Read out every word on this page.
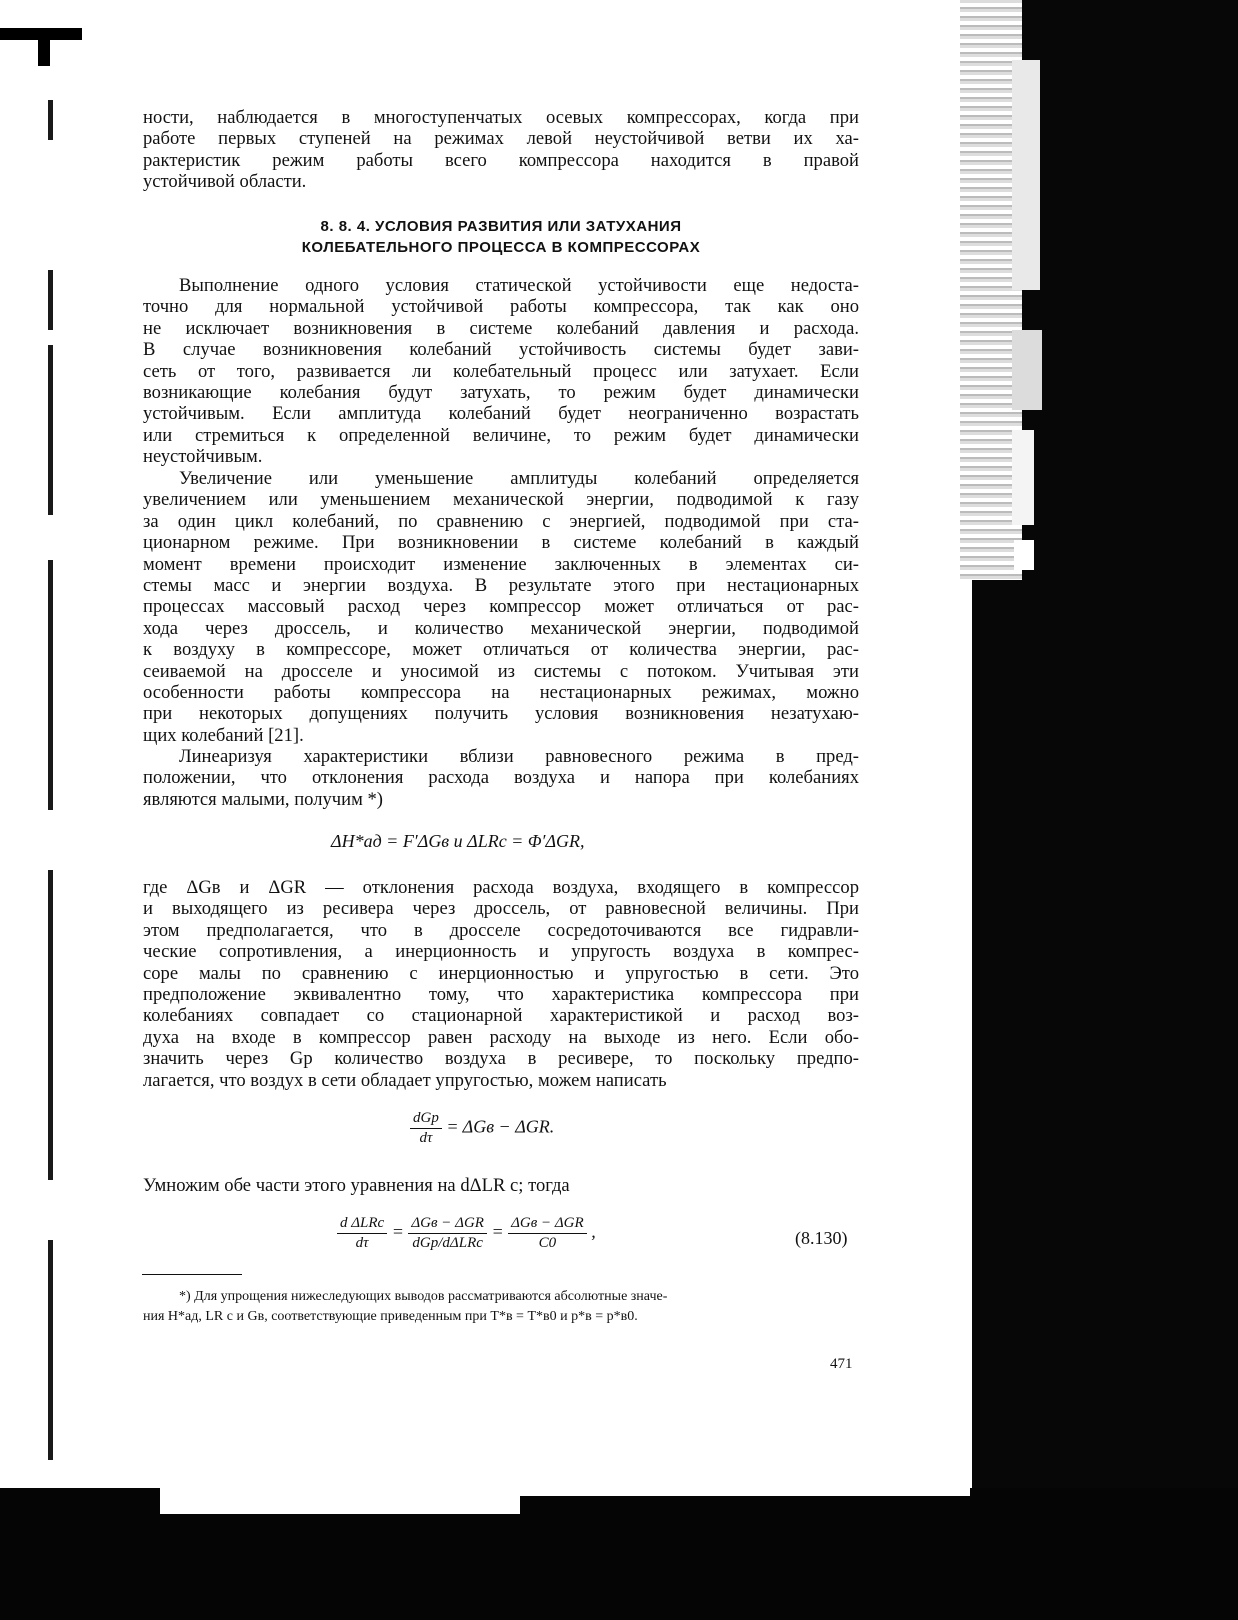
ности, наблюдается в многоступенчатых осевых компрессорах, когда при

работе первых ступеней на режимах левой неустойчивой ветви их ха-

рактеристик режим работы всего компрессора находится в правой

устойчивой области.

8. 8. 4. УСЛОВИЯ РАЗВИТИЯ ИЛИ ЗАТУХАНИЯ
КОЛЕБАТЕЛЬНОГО ПРОЦЕССА В КОМПРЕССОРАХ

Выполнение одного условия статической устойчивости еще недоста-

точно для нормальной устойчивой работы компрессора, так как оно

не исключает возникновения в системе колебаний давления и расхода.

В случае возникновения колебаний устойчивость системы будет зави-

сеть от того, развивается ли колебательный процесс или затухает. Если

возникающие колебания будут затухать, то режим будет динамически

устойчивым. Если амплитуда колебаний будет неограниченно возрастать

или стремиться к определенной величине, то режим будет динамически

неустойчивым.

Увеличение или уменьшение амплитуды колебаний определяется

увеличением или уменьшением механической энергии, подводимой к газу

за один цикл колебаний, по сравнению с энергией, подводимой при ста-

ционарном режиме. При возникновении в системе колебаний в каждый

момент времени происходит изменение заключенных в элементах си-

стемы масс и энергии воздуха. В результате этого при нестационарных

процессах массовый расход через компрессор может отличаться от рас-

хода через дроссель, и количество механической энергии, подводимой

к воздуху в компрессоре, может отличаться от количества энергии, рас-

сеиваемой на дросселе и уносимой из системы с потоком. Учитывая эти

особенности работы компрессора на нестационарных режимах, можно

при некоторых допущениях получить условия возникновения незатухаю-

щих колебаний [21].

Линеаризуя характеристики вблизи равновесного режима в пред-

положении, что отклонения расхода воздуха и напора при колебаниях

являются малыми, получим *)

ΔH*ад = F′ΔGв и ΔLRс = Φ′ΔGR,

где ΔGв и ΔGR — отклонения расхода воздуха, входящего в компрессор

и выходящего из ресивера через дроссель, от равновесной величины. При

этом предполагается, что в дросселе сосредоточиваются все гидравли-

ческие сопротивления, а инерционность и упругость воздуха в компрес-

соре малы по сравнению с инерционностью и упругостью в сети. Это

предположение эквивалентно тому, что характеристика компрессора при

колебаниях совпадает со стационарной характеристикой и расход воз-

духа на входе в компрессор равен расходу на выходе из него. Если обо-

значить через Gр количество воздуха в ресивере, то поскольку предпо-

лагается, что воздух в сети обладает упругостью, можем написать

$\frac{\text{dGр}}{d\tau} = \Delta Gв - \Delta GR$.

Умножим обе части этого уравнения на dΔLR с; тогда

$\frac{\text{d ΔLRс}}{d\tau} = \frac{\text{ΔGв − ΔGR}}{\text{dGр/dΔLRс}} = \frac{\text{ΔGв − ΔGR}}{C0}$ ,	(8.130)
*) Для упрощения нижеследующих выводов рассматриваются абсолютные значе-
ния H*ад, LR с и Gв, соответствующие приведенным при T*в = T*в0 и p*в = p*в0.
471
